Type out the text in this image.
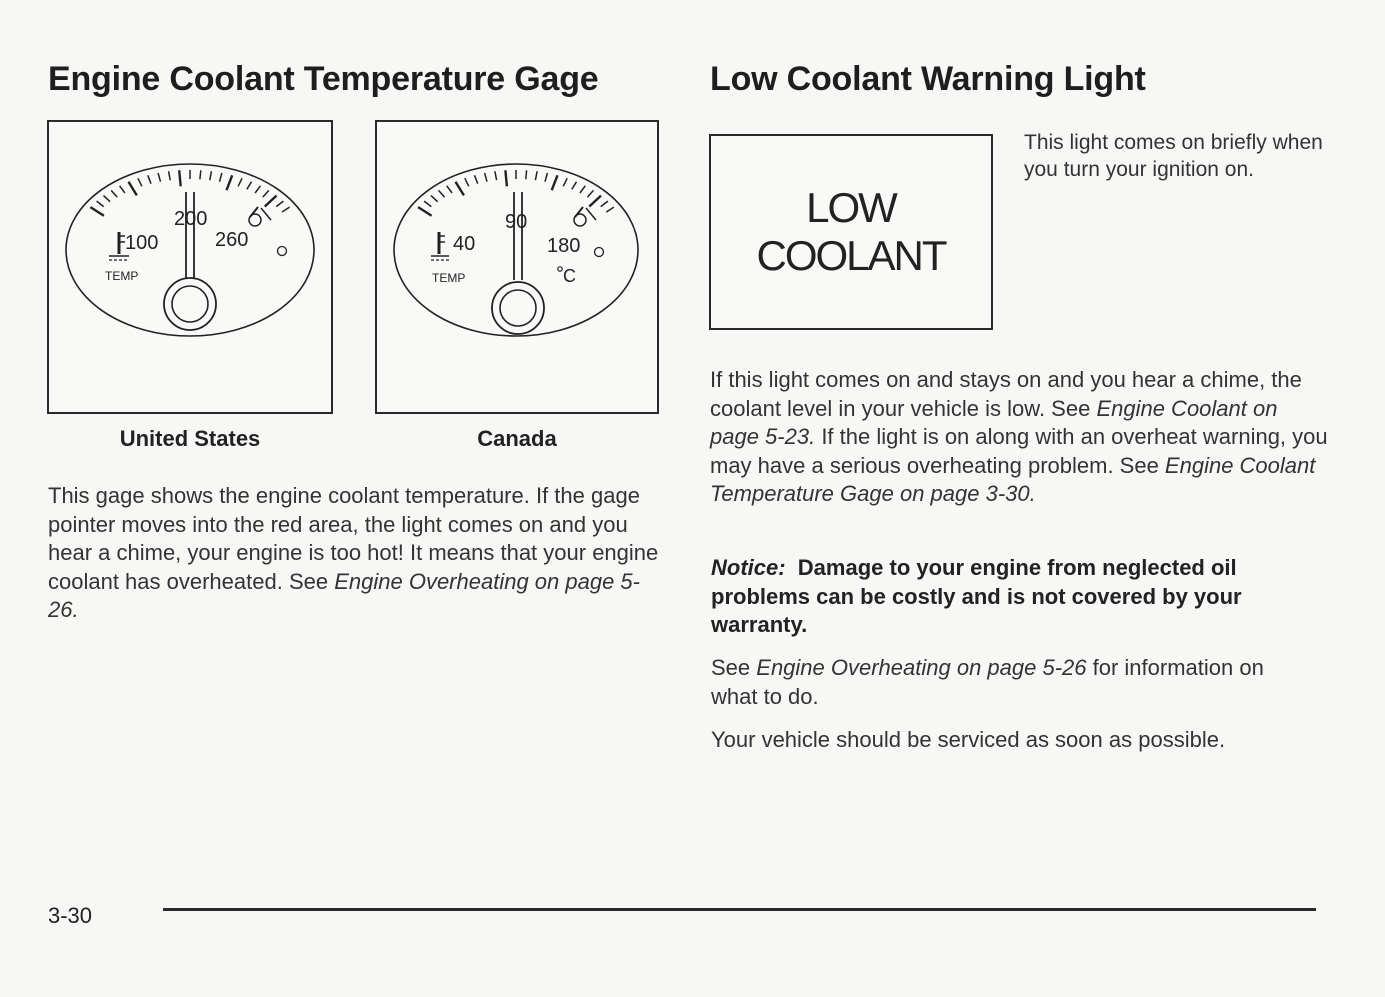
Engine Coolant Temperature Gage
100
200
260
TEMP
United States
40
90
180
TEMP	C
Canada

This gage shows the engine coolant temperature. If the gage pointer moves into the red area, the light comes on and you hear a chime, your engine is too hot! It means that your engine coolant has overheated. See Engine Overheating on page 5-26.

Low Coolant Warning Light
LOW
COOLANT

This light comes on briefly when you turn your ignition on.

If this light comes on and stays on and you hear a chime, the coolant level in your vehicle is low. See Engine Coolant on page 5-23. If the light is on along with an overheat warning, you may have a serious overheating problem. See Engine Coolant Temperature Gage on page 3-30.

Notice: Damage to your engine from neglected oil problems can be costly and is not covered by your warranty.

See Engine Overheating on page 5-26 for information on what to do.

Your vehicle should be serviced as soon as possible.

3-30
